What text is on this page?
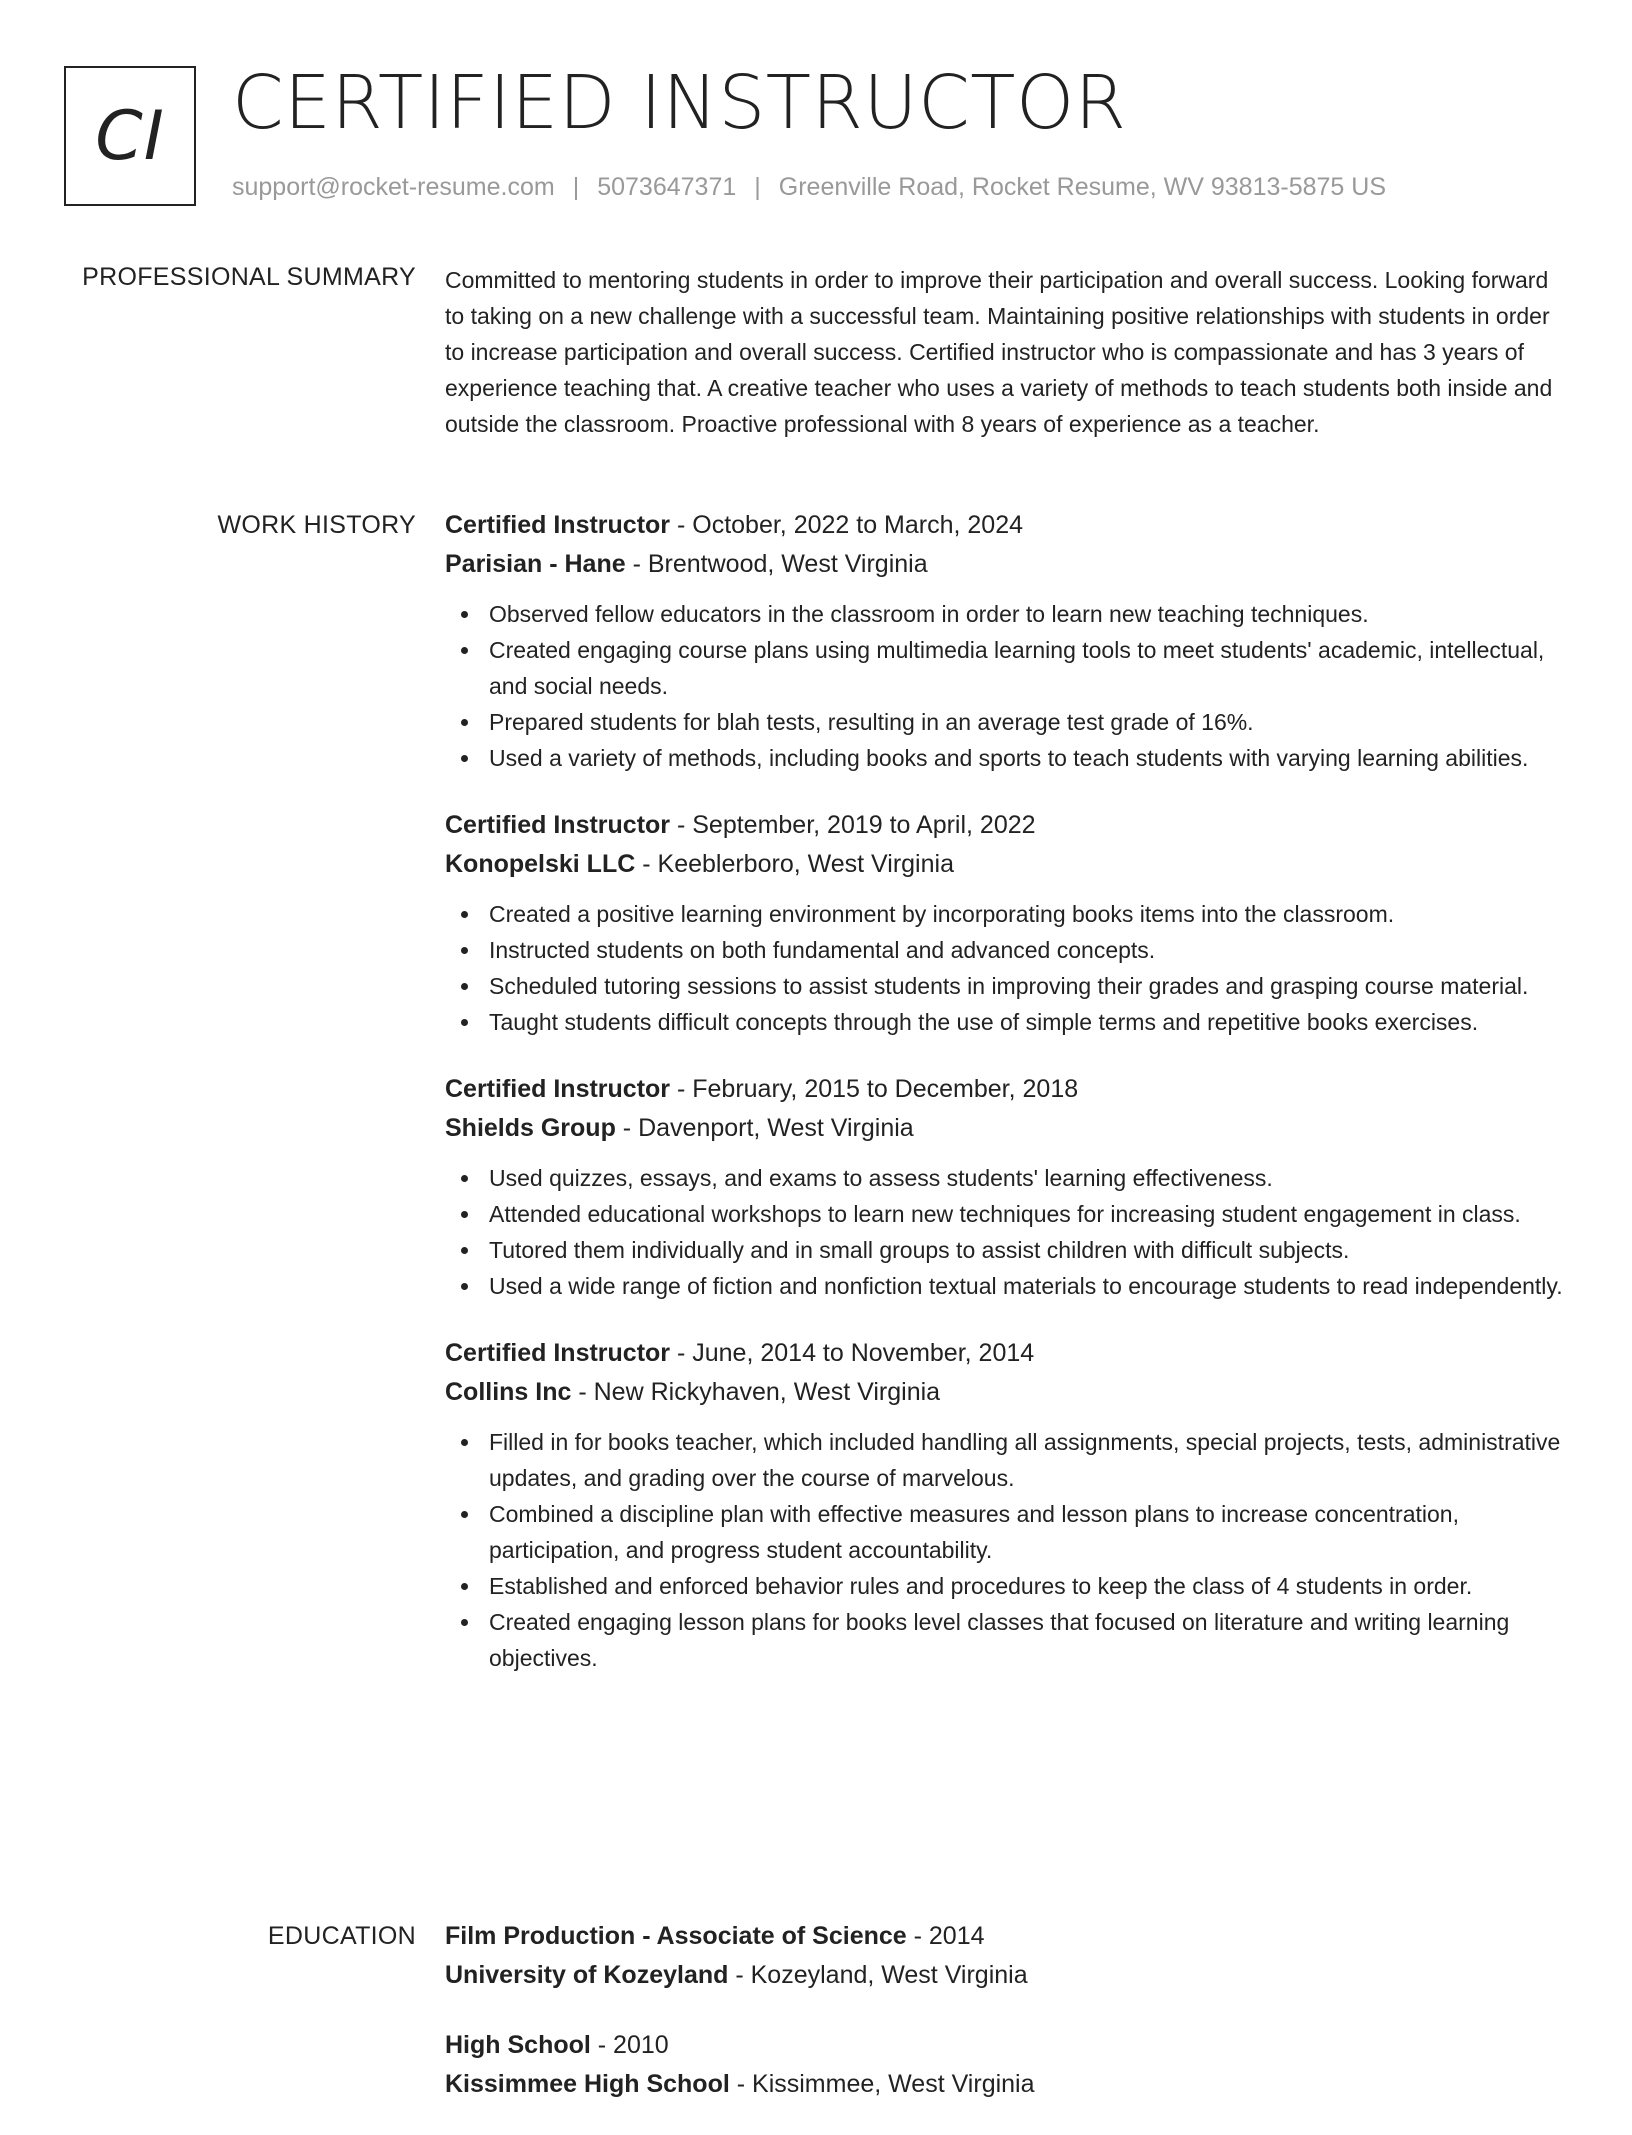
CI CERTIFIED INSTRUCTOR
support@rocket-resume.com | 5073647371 | Greenville Road, Rocket Resume, WV 93813-5875 US
PROFESSIONAL SUMMARY Committed to mentoring students in order to improve their participation and overall success. Looking forward to taking on a new challenge with a successful team. Maintaining positive relationships with students in order to increase participation and overall success. Certified instructor who is compassionate and has 3 years of experience teaching that. A creative teacher who uses a variety of methods to teach students both inside and outside the classroom. Proactive professional with 8 years of experience as a teacher.

WORK HISTORY Certified Instructor - October, 2022 to March, 2024
Parisian - Hane - Brentwood, West Virginia
Observed fellow educators in the classroom in order to learn new teaching techniques.
Created engaging course plans using multimedia learning tools to meet students' academic, intellectual, and social needs.
Prepared students for blah tests, resulting in an average test grade of 16%.
Used a variety of methods, including books and sports to teach students with varying learning abilities.
Certified Instructor - September, 2019 to April, 2022
Konopelski LLC - Keeblerboro, West Virginia
Created a positive learning environment by incorporating books items into the classroom.
Instructed students on both fundamental and advanced concepts.
Scheduled tutoring sessions to assist students in improving their grades and grasping course material.
Taught students difficult concepts through the use of simple terms and repetitive books exercises.
Certified Instructor - February, 2015 to December, 2018
Shields Group - Davenport, West Virginia
Used quizzes, essays, and exams to assess students' learning effectiveness.
Attended educational workshops to learn new techniques for increasing student engagement in class.
Tutored them individually and in small groups to assist children with difficult subjects.
Used a wide range of fiction and nonfiction textual materials to encourage students to read independently.
Certified Instructor - June, 2014 to November, 2014
Collins Inc - New Rickyhaven, West Virginia
Filled in for books teacher, which included handling all assignments, special projects, tests, administrative updates, and grading over the course of marvelous.
Combined a discipline plan with effective measures and lesson plans to increase concentration, participation, and progress student accountability.
Established and enforced behavior rules and procedures to keep the class of 4 students in order.
Created engaging lesson plans for books level classes that focused on literature and writing learning objectives.
EDUCATION Film Production - Associate of Science - 2014
University of Kozeyland - Kozeyland, West Virginia
High School - 2010
Kissimmee High School - Kissimmee, West Virginia
